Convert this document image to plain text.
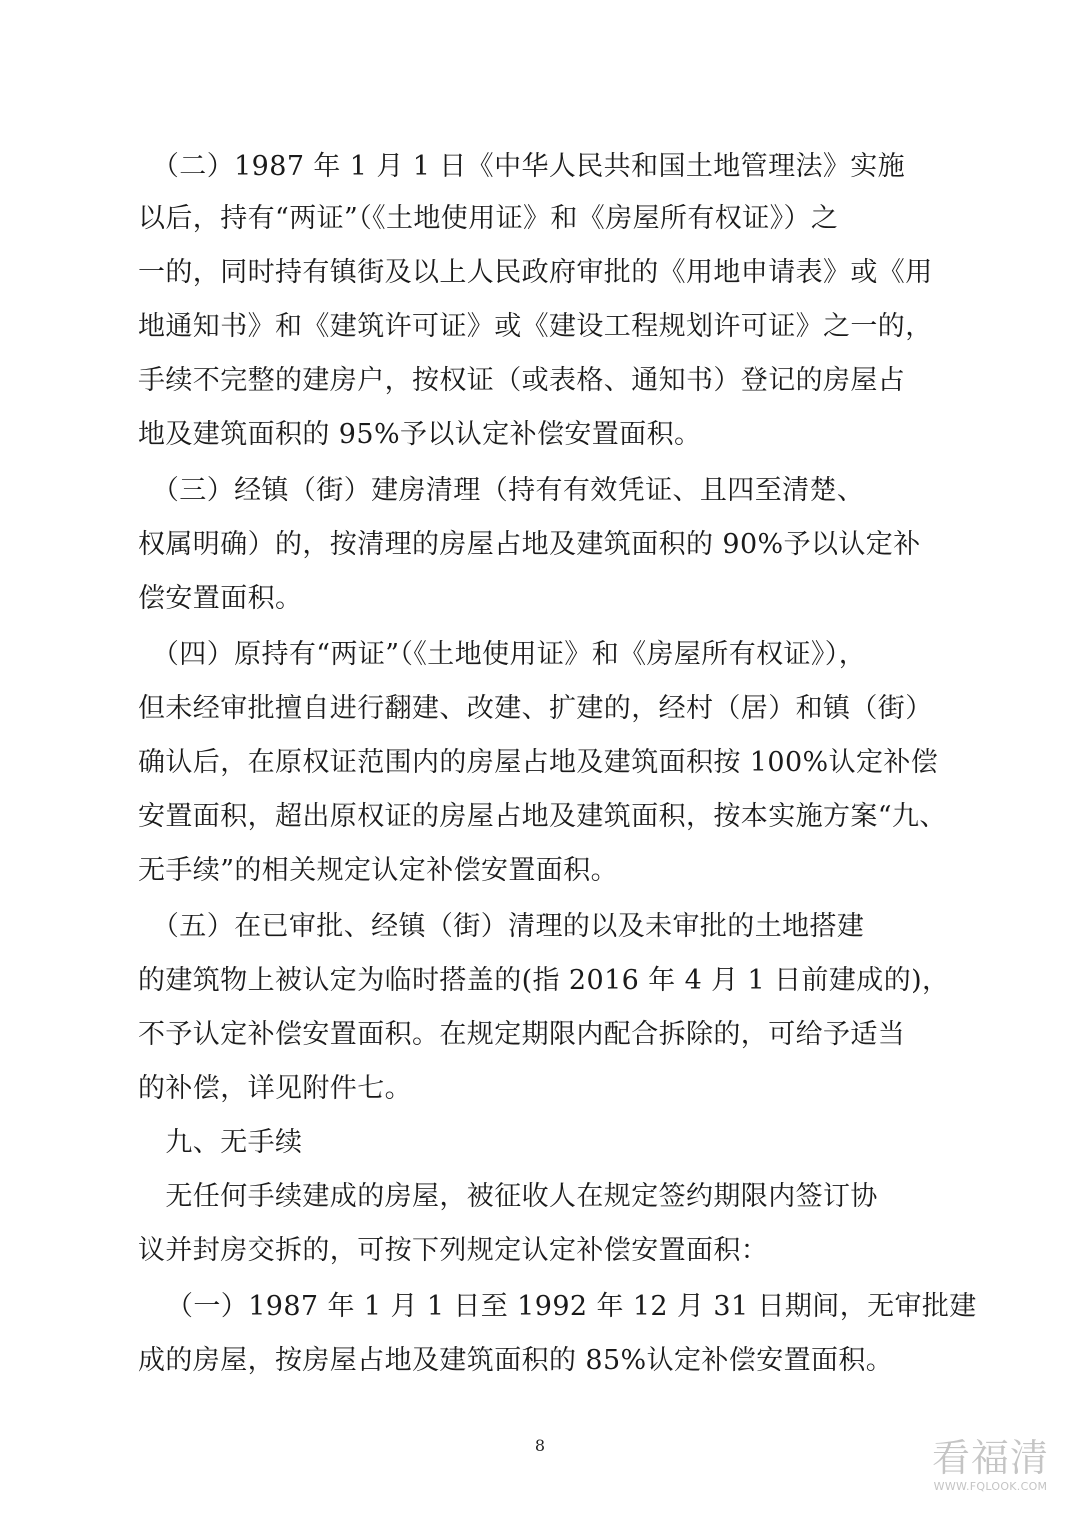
　（二）1987 年 1 月 1 日《中华人民共和国土地管理法》实施
以后，持有“两证”（《土地使用证》和《房屋所有权证》）之
一的，同时持有镇街及以上人民政府审批的《用地申请表》或《用
地通知书》和《建筑许可证》或《建设工程规划许可证》之一的，
手续不完整的建房户，按权证（或表格、通知书）登记的房屋占
地及建筑面积的 95%予以认定补偿安置面积。
　（三）经镇（街）建房清理（持有有效凭证、且四至清楚、
权属明确）的，按清理的房屋占地及建筑面积的 90%予以认定补
偿安置面积。
　（四）原持有“两证”（《土地使用证》和《房屋所有权证》），
但未经审批擅自进行翻建、改建、扩建的，经村（居）和镇（街）
确认后，在原权证范围内的房屋占地及建筑面积按 100%认定补偿
安置面积，超出原权证的房屋占地及建筑面积，按本实施方案“九、
无手续”的相关规定认定补偿安置面积。
　（五）在已审批、经镇（街）清理的以及未审批的土地搭建
的建筑物上被认定为临时搭盖的(指 2016 年 4 月 1 日前建成的)，
不予认定补偿安置面积。在规定期限内配合拆除的，可给予适当
的补偿，详见附件七。
　九、无手续
　无任何手续建成的房屋，被征收人在规定签约期限内签订协
议并封房交拆的，可按下列规定认定补偿安置面积：
（一）1987 年 1 月 1 日至 1992 年 12 月 31 日期间，无审批建
成的房屋，按房屋占地及建筑面积的 85%认定补偿安置面积。
8	看福清
WWW.FQLOOK.COM
